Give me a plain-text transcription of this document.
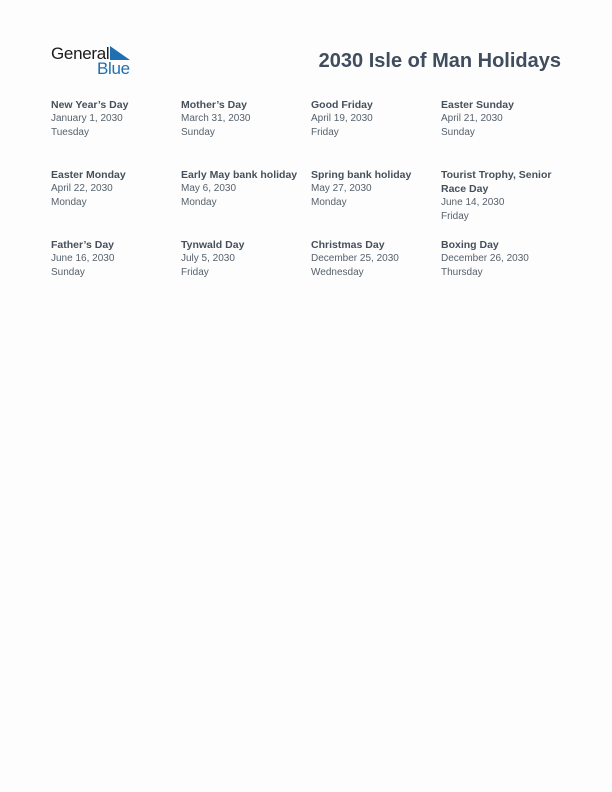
General
Blue	2030 Isle of Man Holidays
New Year’s Day
January 1, 2030
Tuesday
Mother’s Day
March 31, 2030
Sunday
Good Friday
April 19, 2030
Friday
Easter Sunday
April 21, 2030
Sunday
Easter Monday
April 22, 2030
Monday
Early May bank holiday
May 6, 2030
Monday
Spring bank holiday
May 27, 2030
Monday
Tourist Trophy, Senior Race Day
June 14, 2030
Friday
Father’s Day
June 16, 2030
Sunday
Tynwald Day
July 5, 2030
Friday
Christmas Day
December 25, 2030
Wednesday
Boxing Day
December 26, 2030
Thursday
